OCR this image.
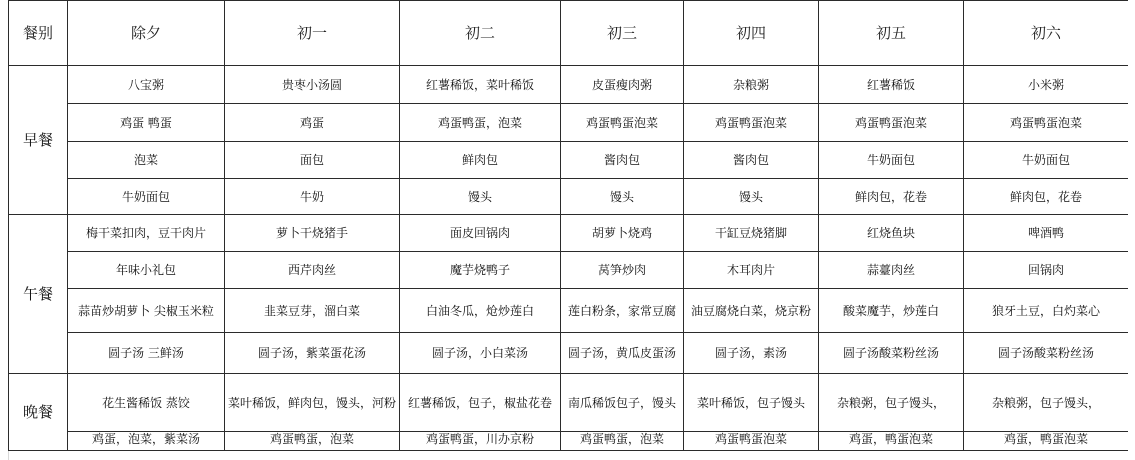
餐别	除夕	初一	初二	初三	初四	初五	初六
早餐	八宝粥	贵枣小汤圆	红薯稀饭，菜叶稀饭	皮蛋瘦肉粥	杂粮粥	红薯稀饭	小米粥
	鸡蛋 鸭蛋	鸡蛋	鸡蛋鸭蛋，泡菜	鸡蛋鸭蛋泡菜	鸡蛋鸭蛋泡菜	鸡蛋鸭蛋泡菜	鸡蛋鸭蛋泡菜
	泡菜	面包	鲜肉包	酱肉包	酱肉包	牛奶面包	牛奶面包
	牛奶面包	牛奶	馒头	馒头	馒头	鲜肉包，花卷	鲜肉包，花卷
午餐	梅干菜扣肉，豆干肉片	萝卜干烧猪手	面皮回锅肉	胡萝卜烧鸡	干缸豆烧猪脚	红烧鱼块	啤酒鸭
	年味小礼包	西芹肉丝	魔芋烧鸭子	莴笋炒肉	木耳肉片	蒜薹肉丝	回锅肉
	蒜苗炒胡萝卜 尖椒玉米粒	韭菜豆芽，溜白菜	白油冬瓜，炝炒莲白	莲白粉条，家常豆腐	油豆腐烧白菜，烧京粉	酸菜魔芋，炒莲白	狼牙土豆，白灼菜心
	圆子汤 三鲜汤	圆子汤，紫菜蛋花汤	圆子汤，小白菜汤	圆子汤，黄瓜皮蛋汤	圆子汤，素汤	圆子汤酸菜粉丝汤	圆子汤酸菜粉丝汤
晚餐	花生酱稀饭 蒸饺	菜叶稀饭，鲜肉包，馒头，河粉	红薯稀饭，包子，椒盐花卷	南瓜稀饭包子，馒头	菜叶稀饭，包子馒头	杂粮粥，包子馒头，	杂粮粥，包子馒头，
	鸡蛋，泡菜，紫菜汤	鸡蛋鸭蛋，泡菜	鸡蛋鸭蛋，川办京粉	鸡蛋鸭蛋，泡菜	鸡蛋鸭蛋泡菜	鸡蛋，鸭蛋泡菜	鸡蛋，鸭蛋泡菜
